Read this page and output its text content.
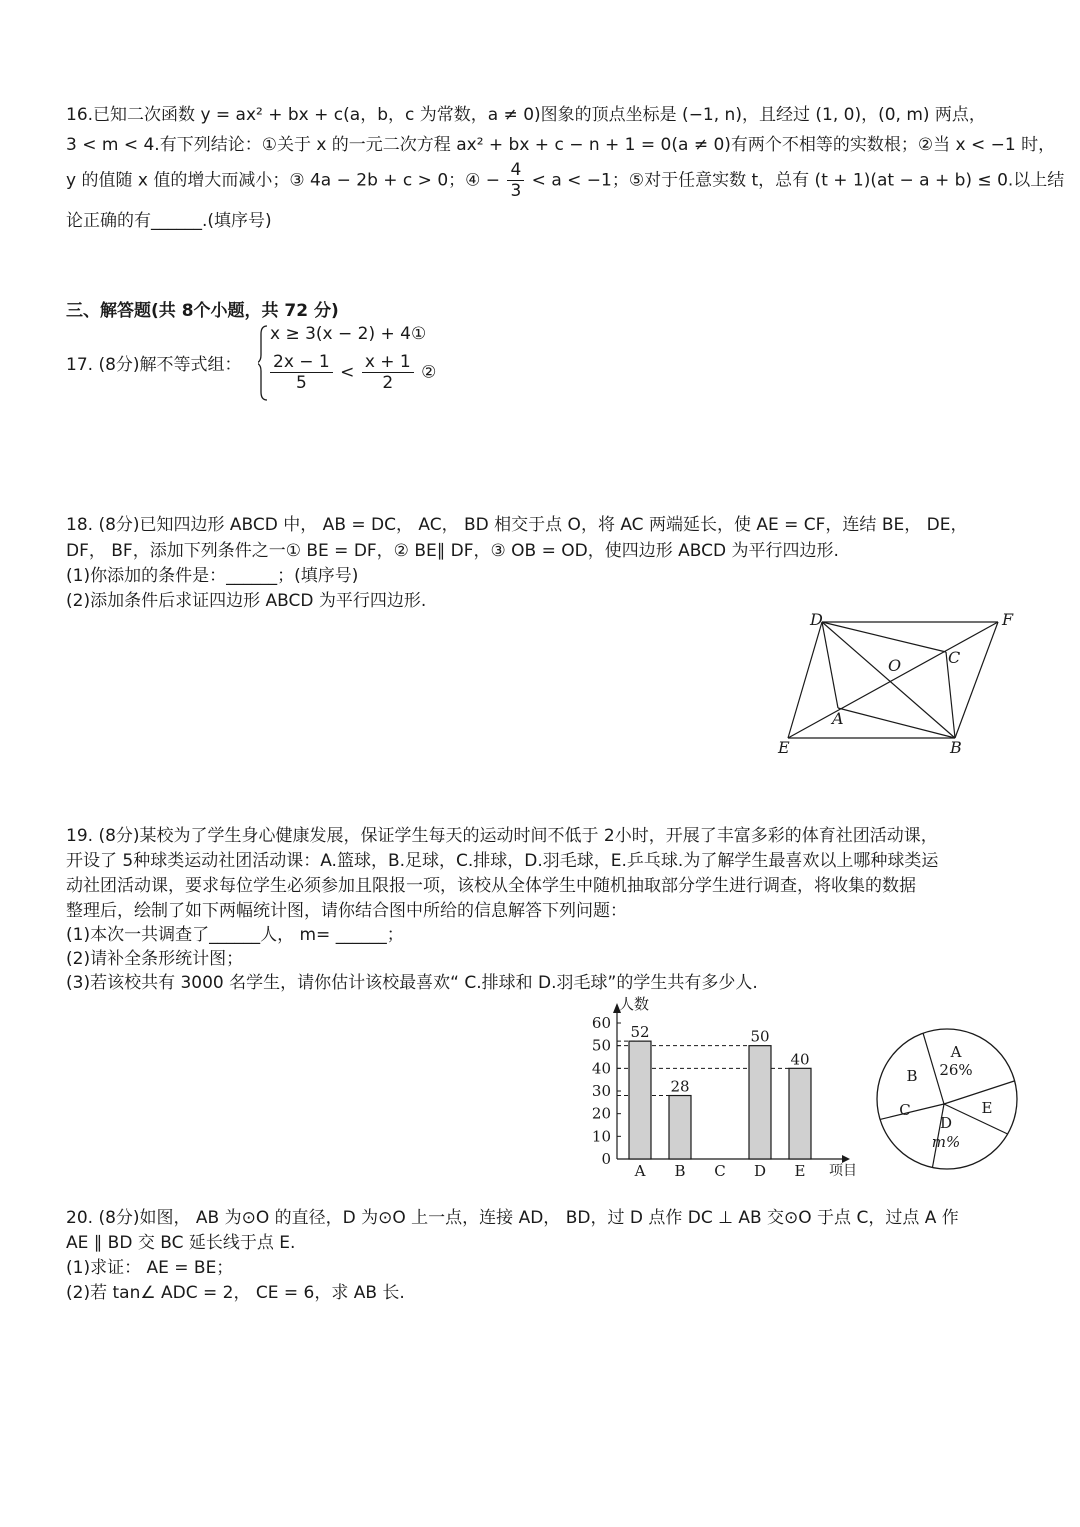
16.已知二次函数 y = ax² + bx + c(a，b，c 为常数，a ≠ 0)图象的顶点坐标是 (−1, n)，且经过 (1, 0)，(0, m) 两点，
3 < m < 4.有下列结论：①关于 x 的一元二次方程 ax² + bx + c − n + 1 = 0(a ≠ 0)有两个不相等的实数根；②当 x < −1 时，
y 的值随 x 值的增大而减小；③ 4a − 2b + c > 0；④ − $\frac{4}{3} < a < -1$；⑤对于任意实数 t，总有 (t + 1)(at − a + b) ≤ 0.以上结
论正确的有______.(填序号)
三、解答题(共 8个小题，共 72 分)
17. (8分)解不等式组：
x ≥ 3(x − 2) + 4①
$\frac{2x - 1}{5} < \frac{x + 1}{2}$ ②
18. (8分)已知四边形 ABCD 中， AB = DC， AC， BD 相交于点 O，将 AC 两端延长，使 AE = CF，连结 BE， DE，
DF， BF，添加下列条件之一① BE = DF，② BE∥ DF，③ OB = OD，使四边形 ABCD 为平行四边形.
(1)你添加的条件是：______；(填序号)
(2)添加条件后求证四边形 ABCD 为平行四边形.
D	F
O	C
A
E	B
19. (8分)某校为了学生身心健康发展，保证学生每天的运动时间不低于 2小时，开展了丰富多彩的体育社团活动课，
开设了 5种球类运动社团活动课：A.篮球，B.足球，C.排球，D.羽毛球，E.乒乓球.为了解学生最喜欢以上哪种球类运
动社团活动课，要求每位学生必须参加且限报一项，该校从全体学生中随机抽取部分学生进行调查，将收集的数据
整理后，绘制了如下两幅统计图，请你结合图中所给的信息解答下列问题：
(1)本次一共调查了______人， m= ______；
(2)请补全条形统计图；
(3)若该校共有 3000 名学生，请你估计该校最喜欢“ C.排球和 D.羽毛球”的学生共有多少人.
0
10
20
30
40
50
60
人数
项目
A
52
B
28
C D
50
E
40	A
26%
B
C
D
m%
E
20. (8分)如图， AB 为⊙O 的直径，D 为⊙O 上一点，连接 AD， BD，过 D 点作 DC ⊥ AB 交⊙O 于点 C，过点 A 作
AE ∥ BD 交 BC 延长线于点 E.
(1)求证： AE = BE；
(2)若 tan∠ ADC = 2， CE = 6，求 AB 长.
